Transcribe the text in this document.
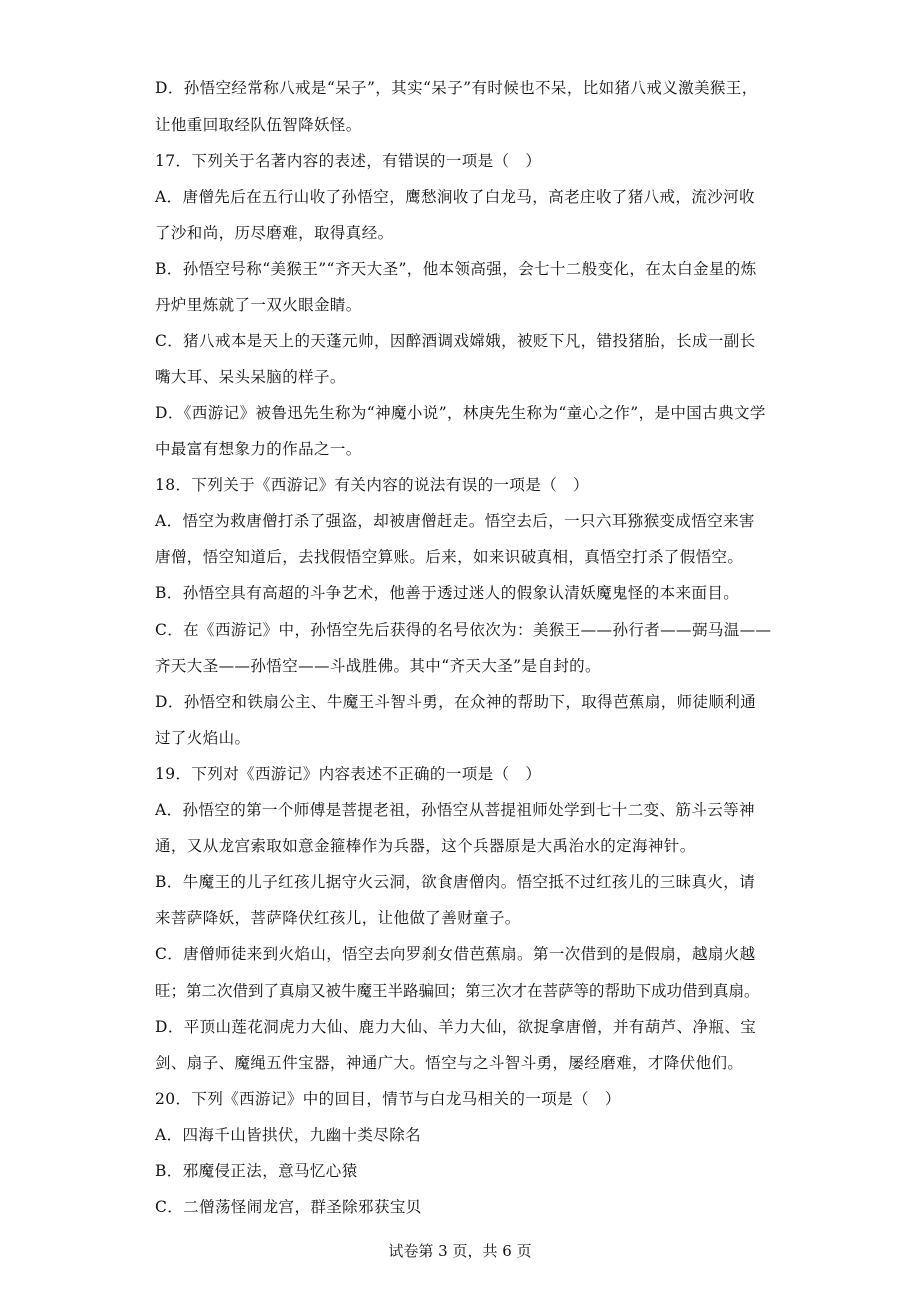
D．孙悟空经常称八戒是“呆子”，其实“呆子”有时候也不呆，比如猪八戒义激美猴王，

让他重回取经队伍智降妖怪。

17．下列关于名著内容的表述，有错误的一项是（　）

A．唐僧先后在五行山收了孙悟空，鹰愁涧收了白龙马，高老庄收了猪八戒，流沙河收

了沙和尚，历尽磨难，取得真经。

B．孙悟空号称“美猴王”“齐天大圣”，他本领高强，会七十二般变化，在太白金星的炼

丹炉里炼就了一双火眼金睛。

C．猪八戒本是天上的天蓬元帅，因醉酒调戏嫦娥，被贬下凡，错投猪胎，长成一副长

嘴大耳、呆头呆脑的样子。

D．《西游记》被鲁迅先生称为“神魔小说”，林庚先生称为“童心之作”，是中国古典文学

中最富有想象力的作品之一。

18．下列关于《西游记》有关内容的说法有误的一项是（　）

A．悟空为救唐僧打杀了强盗，却被唐僧赶走。悟空去后，一只六耳猕猴变成悟空来害

唐僧，悟空知道后，去找假悟空算账。后来，如来识破真相，真悟空打杀了假悟空。

B．孙悟空具有高超的斗争艺术，他善于透过迷人的假象认清妖魔鬼怪的本来面目。

C．在《西游记》中，孙悟空先后获得的名号依次为：美猴王——孙行者——弼马温——

齐天大圣——孙悟空——斗战胜佛。其中“齐天大圣”是自封的。

D．孙悟空和铁扇公主、牛魔王斗智斗勇，在众神的帮助下，取得芭蕉扇，师徒顺利通

过了火焰山。

19．下列对《西游记》内容表述不正确的一项是（　）

A．孙悟空的第一个师傅是菩提老祖，孙悟空从菩提祖师处学到七十二变、筋斗云等神

通，又从龙宫索取如意金箍棒作为兵器，这个兵器原是大禹治水的定海神针。

B．牛魔王的儿子红孩儿据守火云洞，欲食唐僧肉。悟空抵不过红孩儿的三昧真火，请

来菩萨降妖，菩萨降伏红孩儿，让他做了善财童子。

C．唐僧师徒来到火焰山，悟空去向罗刹女借芭蕉扇。第一次借到的是假扇，越扇火越

旺；第二次借到了真扇又被牛魔王半路骗回；第三次才在菩萨等的帮助下成功借到真扇。

D．平顶山莲花洞虎力大仙、鹿力大仙、羊力大仙，欲捉拿唐僧，并有葫芦、净瓶、宝

剑、扇子、魔绳五件宝器，神通广大。悟空与之斗智斗勇，屡经磨难，才降伏他们。

20．下列《西游记》中的回目，情节与白龙马相关的一项是（　）

A．四海千山皆拱伏，九幽十类尽除名

B．邪魔侵正法，意马忆心猿

C．二僧荡怪闹龙宫，群圣除邪获宝贝

试卷第 3 页，共 6 页
